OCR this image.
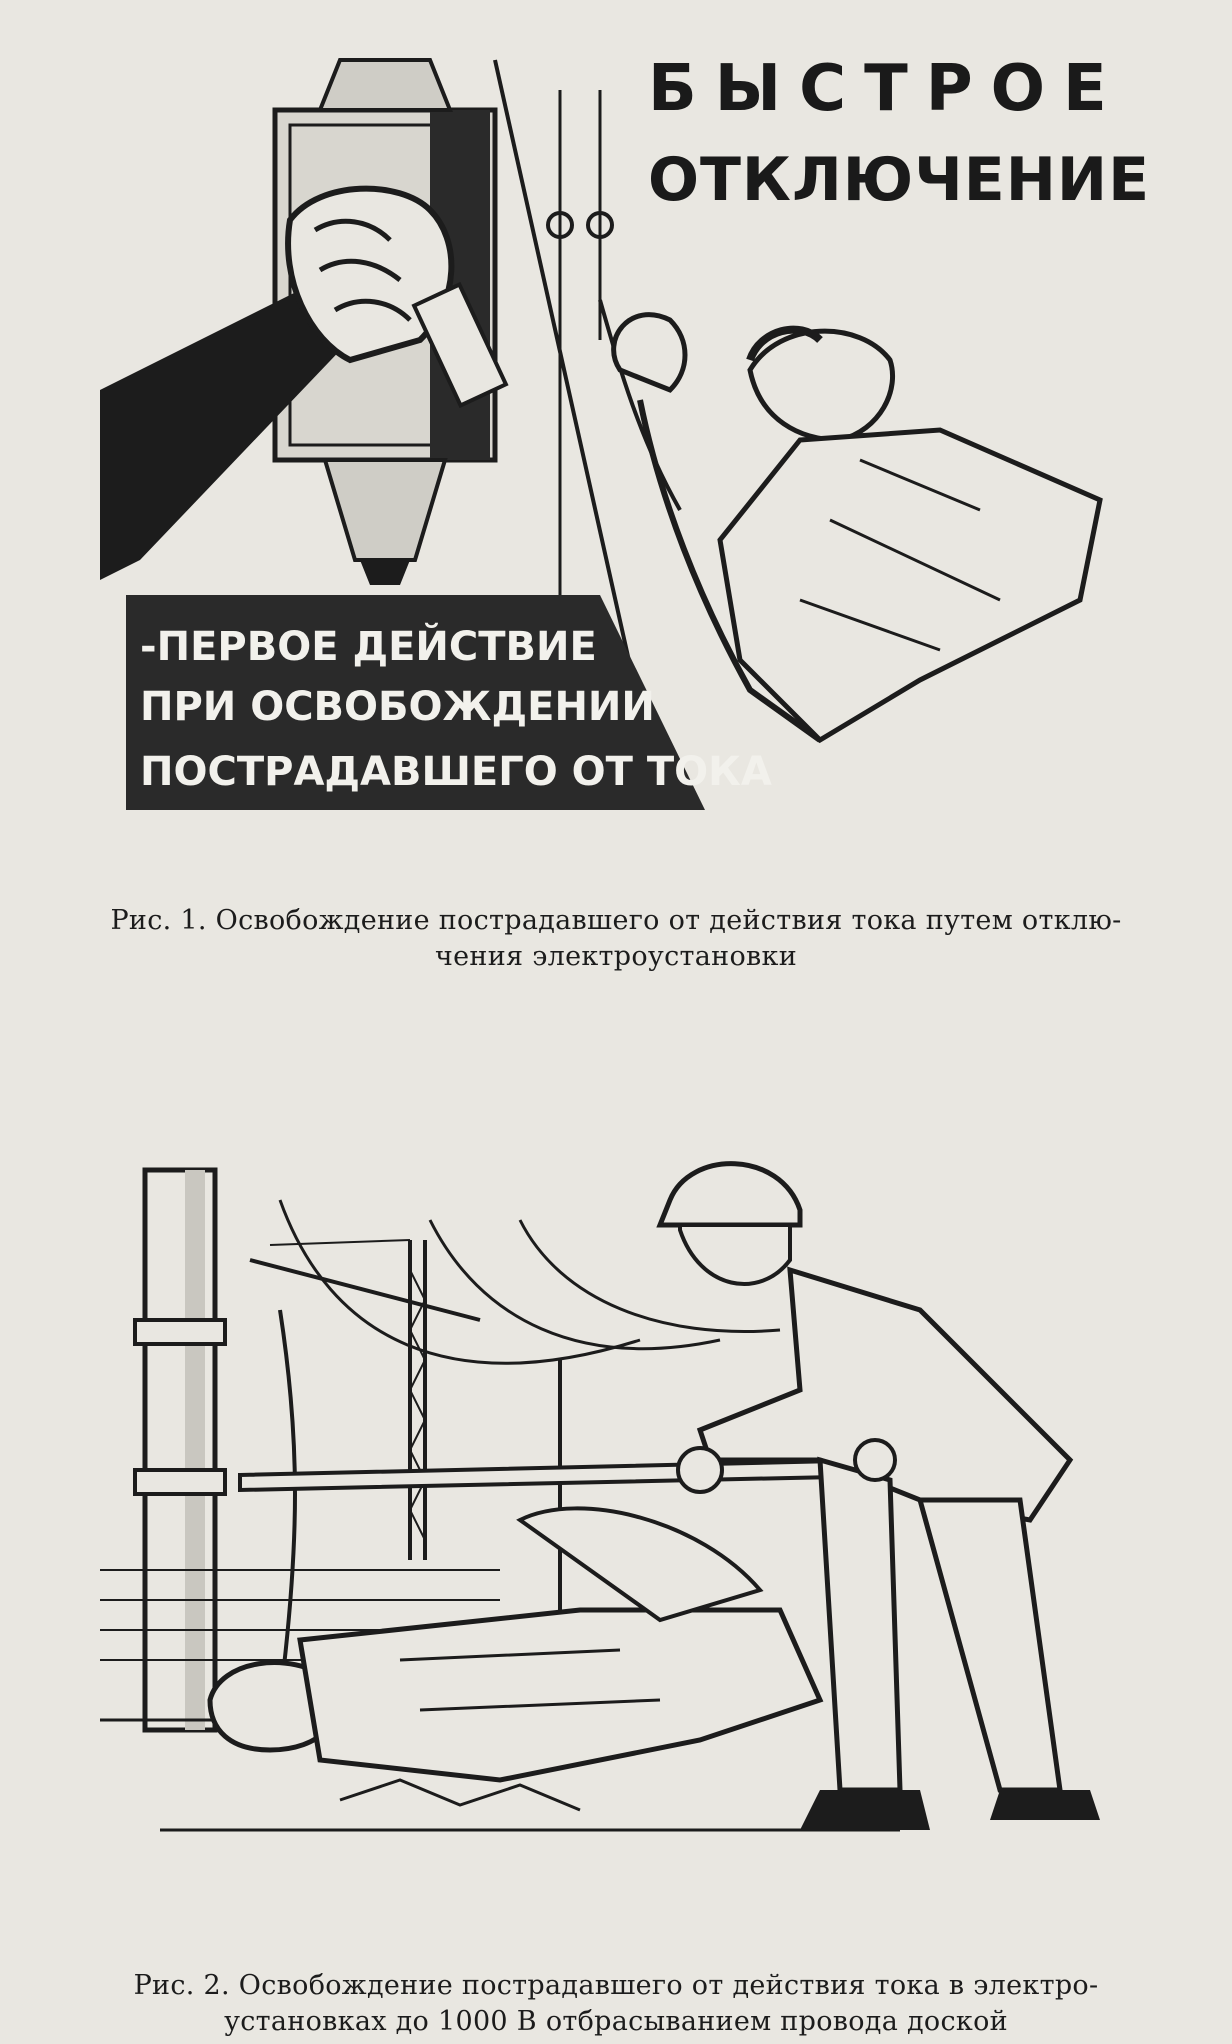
БЫСТРОЕ
ОТКЛЮЧЕНИЕ
-ПЕРВОЕ ДЕЙСТВИЕ
ПРИ ОСВОБОЖДЕНИИ
ПОСТРАДАВШЕГО ОТ ТОКА
Рис. 1. Освобождение пострадавшего от действия тока путем отклю-
чения электроустановки
Рис. 2. Освобождение пострадавшего от действия тока в электро-
установках до 1000 В отбрасыванием провода доской
